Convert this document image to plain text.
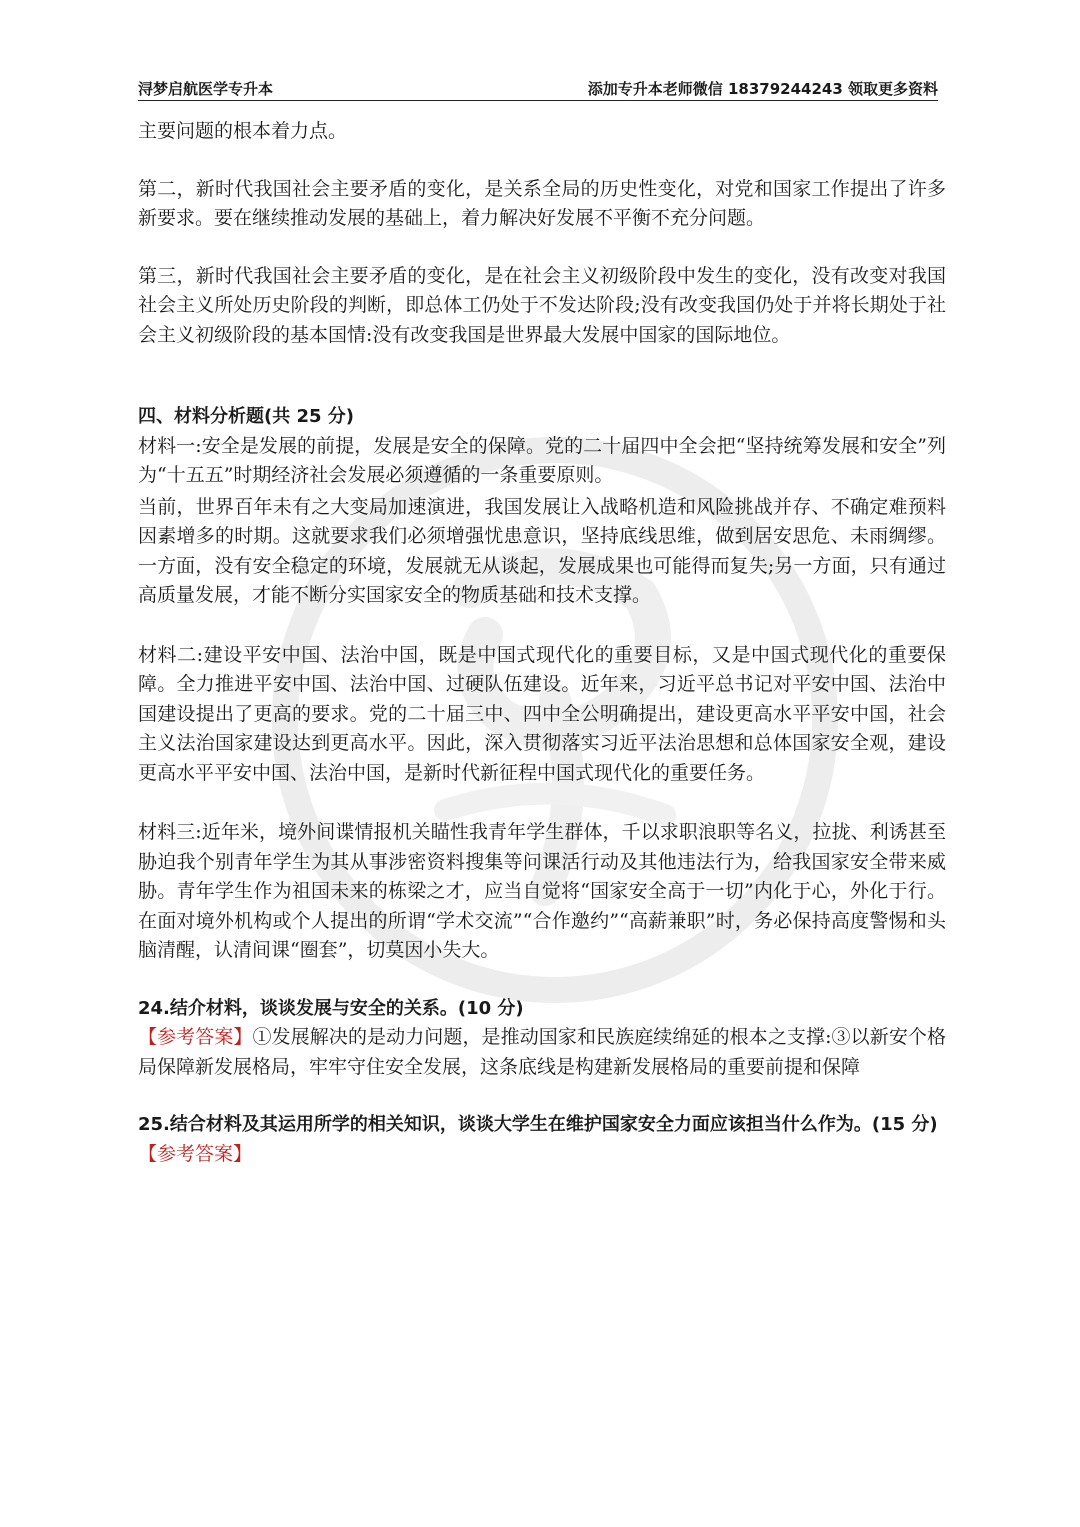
浔梦启航医学专升本	添加专升本老师微信 18379244243 领取更多资料

主要问题的根本着力点。

第二，新时代我国社会主要矛盾的变化，是关系全局的历史性变化，对党和国家工作提出了许多新要求。要在继续推动发展的基础上，着力解决好发展不平衡不充分问题。

第三，新时代我国社会主要矛盾的变化，是在社会主义初级阶段中发生的变化，没有改变对我国社会主义所处历史阶段的判断，即总体工仍处于不发达阶段;没有改变我国仍处于并将长期处于社会主义初级阶段的基本国情:没有改变我国是世界最大发展中国家的国际地位。

四、材料分析题(共 25 分)

材料一:安全是发展的前提，发展是安全的保障。党的二十届四中全会把“坚持统筹发展和安全”列为“十五五”时期经济社会发展必须遵循的一条重要原则。

当前，世界百年未有之大变局加速演进，我国发展让入战略机造和风险挑战并存、不确定难预料因素增多的时期。这就要求我们必须增强忧患意识，坚持底线思维，做到居安思危、未雨绸缪。一方面，没有安全稳定的环境，发展就无从谈起，发展成果也可能得而复失;另一方面，只有通过高质量发展，才能不断分实国家安全的物质基础和技术支撑。

材料二:建设平安中国、法治中国，既是中国式现代化的重要目标，又是中国式现代化的重要保障。全力推进平安中国、法治中国、过硬队伍建设。近年来，习近平总书记对平安中国、法治中国建设提出了更高的要求。党的二十届三中、四中全公明确提出，建设更高水平平安中国，社会主义法治国家建设达到更高水平。因此，深入贯彻落实习近平法治思想和总体国家安全观，建设更高水平平安中国、法治中国，是新时代新征程中国式现代化的重要任务。

材料三:近年米，境外间谍情报机关瞄性我青年学生群体，千以求职浪职等名义，拉拢、利诱甚至胁迫我个别青年学生为其从事涉密资料搜集等问课活行动及其他违法行为，给我国家安全带来威胁。青年学生作为祖国未来的栋梁之才，应当自觉将“国家安全高于一切”内化于心，外化于行。在面对境外机构或个人提出的所谓“学术交流”“合作邀约”“高薪兼职”时，务必保持高度警惕和头脑清醒，认清间课“圈套”，切莫因小失大。

24.结介材料，谈谈发展与安全的关系。(10 分)

【参考答案】①发展解决的是动力问题，是推动国家和民族庭续绵延的根本之支撑:③以新安个格局保障新发展格局，牢牢守住安全发展，这条底线是构建新发展格局的重要前提和保障

25.结合材料及其运用所学的相关知识，谈谈大学生在维护国家安全力面应该担当什么作为。(15 分)

【参考答案】
